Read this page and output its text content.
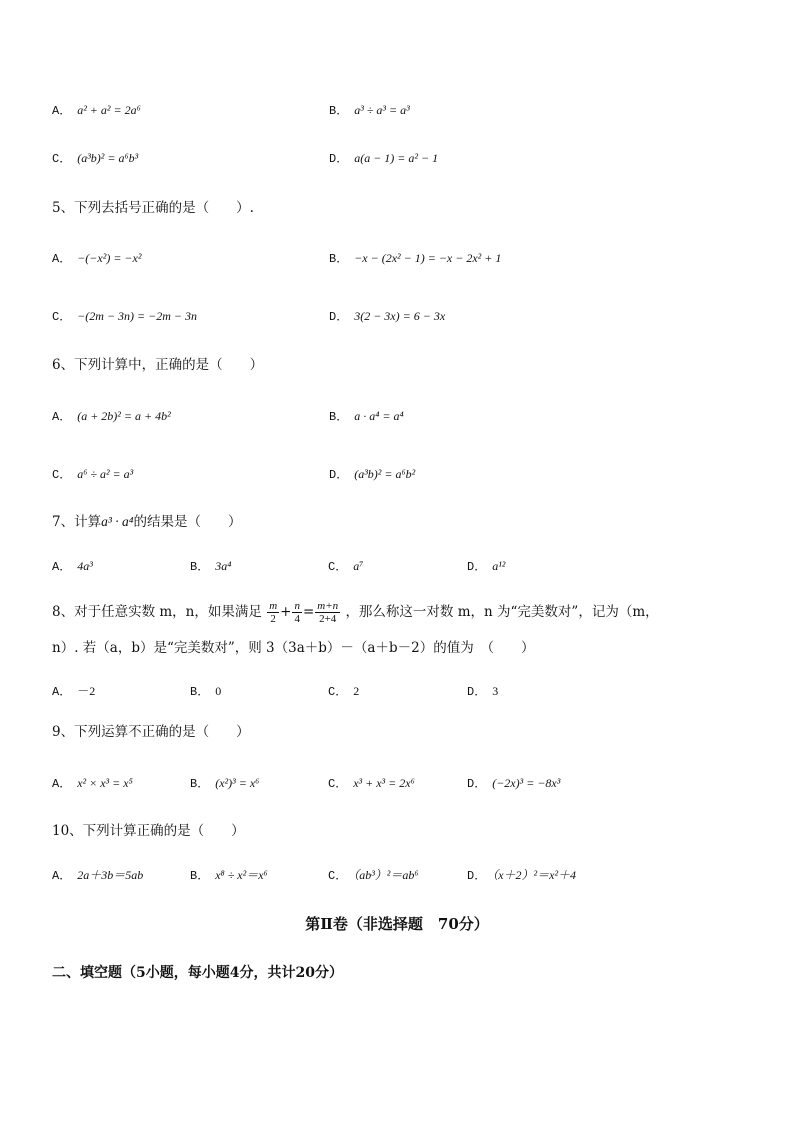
A． a² + a² = 2a⁶	B． a³ ÷ a³ = a³
C． (a³b)² = a⁶b³	D． a(a − 1) = a² − 1
5、下列去括号正确的是（　　）.
A． −(−x²) = −x²	B． −x − (2x² − 1) = −x − 2x² + 1
C． −(2m − 3n) = −2m − 3n	D． 3(2 − 3x) = 6 − 3x
6、下列计算中，正确的是（　　）
A． (a + 2b)² = a + 4b²	B． a · a⁴ = a⁴
C． a⁶ ÷ a² = a³	D． (a³b)² = a⁶b²
7、计算a³ · a⁴的结果是（　　）
A． 4a³	B． 3a⁴	C． a⁷	D． a¹²
8、对于任意实数 m，n，如果满足 $\frac{m}{2} + \frac{n}{4} = \frac{m+n}{2+4}$ ，那么称这一对数 m，n 为“完美数对”，记为（m，
n）. 若（a，b）是“完美数对”，则 3（3a＋b）－（a＋b－2）的值为　（　　）
A． －2	B． 0	C． 2	D． 3
9、下列运算不正确的是（　　）
A． x² × x³ = x⁵	B． (x²)³ = x⁶	C． x³ + x³ = 2x⁶	D． (−2x)³ = −8x³
10、下列计算正确的是（　　）
A． 2a＋3b＝5ab	B． x⁸ ÷ x²＝x⁶	C． （ab³）²＝ab⁶	D． （x＋2）²＝x²＋4
第Ⅱ卷（非选择题　70分）
二、填空题（5小题，每小题4分，共计20分）
